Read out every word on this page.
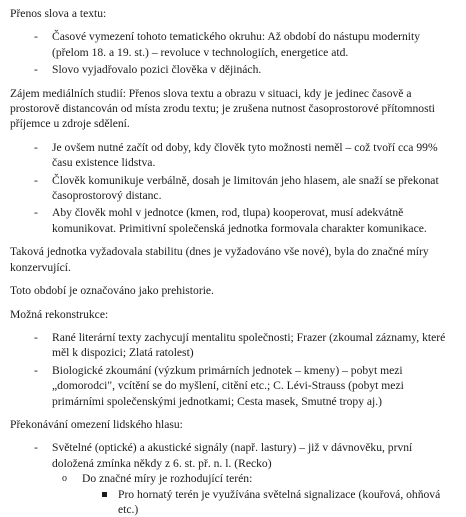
Přenos slova a textu:

- Časové vymezení tohoto tematického okruhu: Až období do nástupu modernity (přelom 18. a 19. st.) – revoluce v technologiích, energetice atd.
- Slovo vyjadřovalo pozici člověka v dějinách.

Zájem mediálních studií: Přenos slova textu a obrazu v situaci, kdy je jedinec časově a prostorově distancován od místa zrodu textu; je zrušena nutnost časoprostorové přítomnosti příjemce u zdroje sdělení.

- Je ovšem nutné začít od doby, kdy člověk tyto možnosti neměl – což tvoří cca 99% času existence lidstva.
- Člověk komunikuje verbálně, dosah je limitován jeho hlasem, ale snaží se překonat časoprostorový distanc.
- Aby člověk mohl v jednotce (kmen, rod, tlupa) kooperovat, musí adekvátně komunikovat. Primitivní společenská jednotka formovala charakter komunikace.

Taková jednotka vyžadovala stabilitu (dnes je vyžadováno vše nové), byla do značné míry konzervující.

Toto období je označováno jako prehistorie.

Možná rekonstrukce:

- Rané literární texty zachycují mentalitu společnosti; Frazer (zkoumal záznamy, které měl k dispozici; Zlatá ratolest)
- Biologické zkoumání (výzkum primárních jednotek – kmeny) – pobyt mezi „domorodci", vcítění se do myšlení, citění etc.; C. Lévi-Strauss (pobyt mezi primárními společenskými jednotkami; Cesta masek, Smutné tropy aj.)

Překonávání omezení lidského hlasu:

- Světelné (optické) a akustické signály (např. lastury) – již v dávnověku, první doložená zmínka někdy z 6. st. př. n. l. (Recko)
o Do značné míry je rozhodující terén:
Pro hornatý terén je využívána světelná signalizace (kouřová, ohňová etc.)
